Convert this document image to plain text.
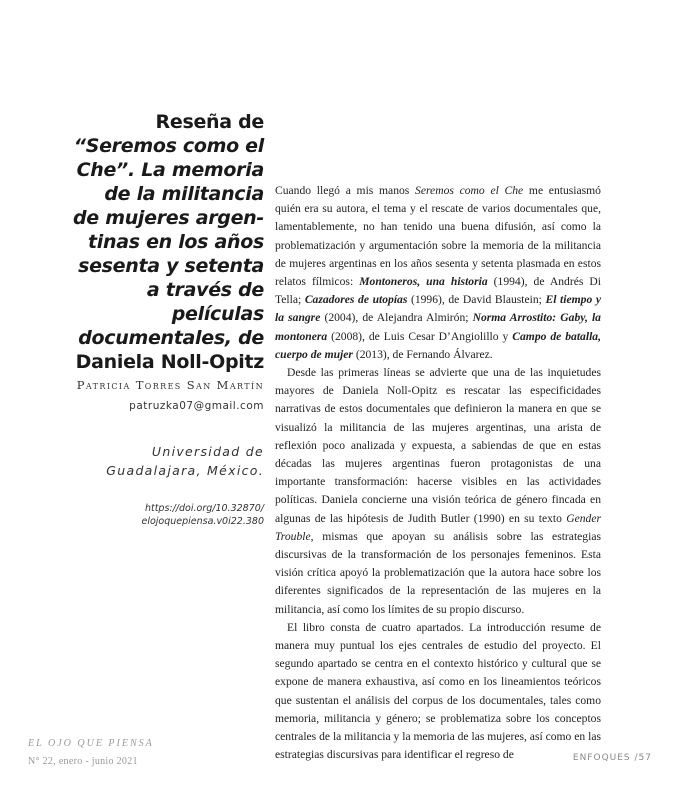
Reseña de
“Seremos como el
Che”. La memoria
de la militancia
de mujeres argen-
tinas en los años
sesenta y setenta
a través de películas
documentales, de
Daniela Noll-Opitz
Patricia Torres San Martín
patruzka07@gmail.com
Universidad de
Guadalajara, México.
https://doi.org/10.32870/
elojoquepiensa.v0i22.380

Cuando llegó a mis manos Seremos como el Che me entusiasmó quién era su autora, el tema y el rescate de varios documentales que, lamentablemente, no han tenido una buena difusión, así como la problematización y argumentación sobre la memoria de la militancia de mujeres argentinas en los años sesenta y setenta plasmada en estos relatos fílmicos: Montoneros, una historia (1994), de Andrés Di Tella; Cazadores de utopías (1996), de David Blaustein; El tiempo y la sangre (2004), de Alejandra Almirón; Norma Arrostito: Gaby, la montonera (2008), de Luis Cesar D’Angiolillo y Campo de batalla, cuerpo de mujer (2013), de Fernando Álvarez.

Desde las primeras líneas se advierte que una de las inquietudes mayores de Daniela Noll-Opitz es rescatar las especificidades narrativas de estos documentales que definieron la manera en que se visualizó la militancia de las mujeres argentinas, una arista de reflexión poco analizada y expuesta, a sabiendas de que en estas décadas las mujeres argentinas fueron protagonistas de una importante transformación: hacerse visibles en las actividades políticas. Daniela concierne una visión teórica de género fincada en algunas de las hipótesis de Judith Butler (1990) en su texto Gender Trouble, mismas que apoyan su análisis sobre las estrategias discursivas de la transformación de los personajes femeninos. Esta visión crítica apoyó la problematización que la autora hace sobre los diferentes significados de la representación de las mujeres en la militancia, así como los límites de su propio discurso.

El libro consta de cuatro apartados. La introducción resume de manera muy puntual los ejes centrales de estudio del proyecto. El segundo apartado se centra en el contexto histórico y cultural que se expone de manera exhaustiva, así como en los lineamientos teóricos que sustentan el análisis del corpus de los documentales, tales como memoria, militancia y género; se problematiza sobre los conceptos centrales de la militancia y la memoria de las mujeres, así como en las estrategias discursivas para identificar el regreso de

EL OJO QUE PIENSA
N° 22, enero - junio 2021	ENFOQUES /57
